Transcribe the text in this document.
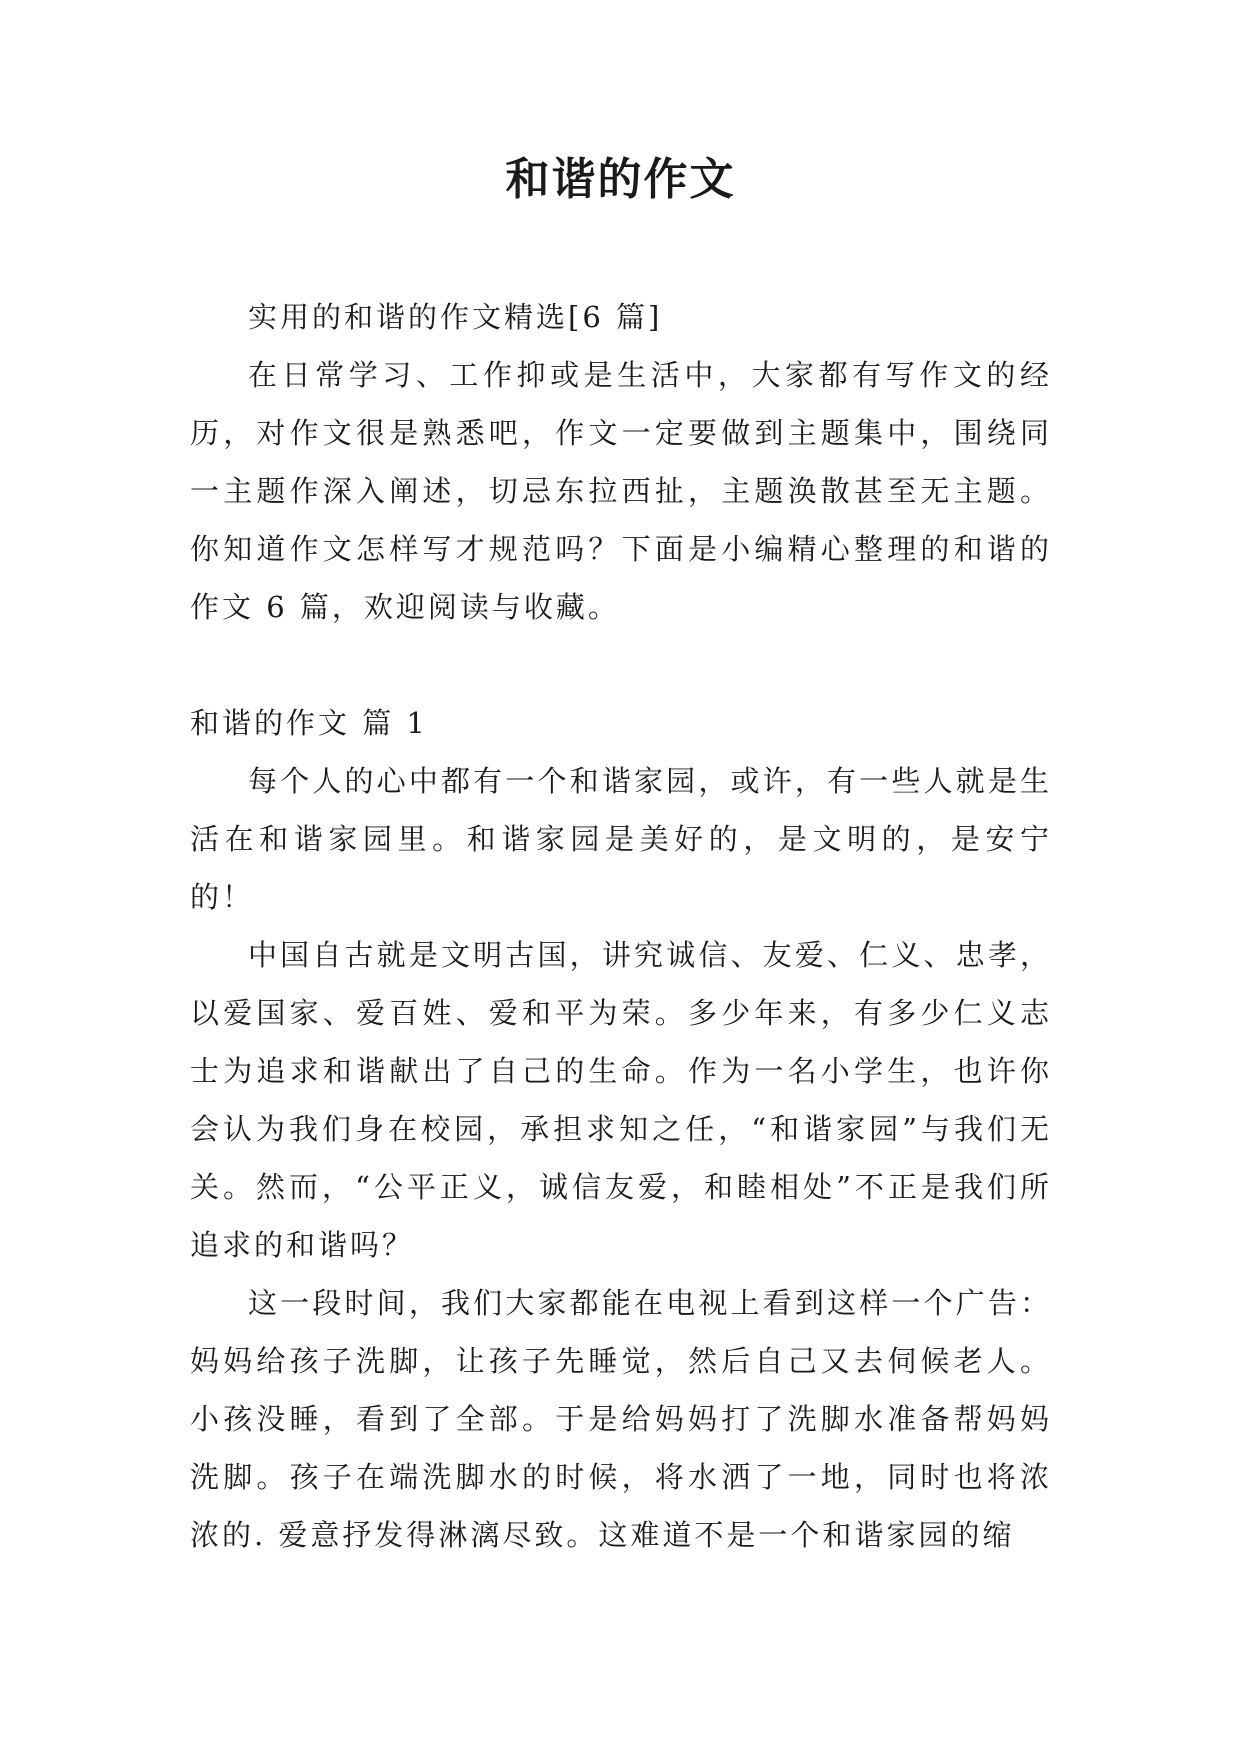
和谐的作文

实用的和谐的作文精选[6 篇]

在日常学习、工作抑或是生活中，大家都有写作文的经历，对作文很是熟悉吧，作文一定要做到主题集中，围绕同一主题作深入阐述，切忌东拉西扯，主题涣散甚至无主题。你知道作文怎样写才规范吗？下面是小编精心整理的和谐的作文 6 篇，欢迎阅读与收藏。

和谐的作文 篇 1

每个人的心中都有一个和谐家园，或许，有一些人就是生活在和谐家园里。和谐家园是美好的，是文明的，是安宁的！

中国自古就是文明古国，讲究诚信、友爱、仁义、忠孝，以爱国家、爱百姓、爱和平为荣。多少年来，有多少仁义志士为追求和谐献出了自己的生命。作为一名小学生，也许你会认为我们身在校园，承担求知之任，“和谐家园”与我们无关。然而，“公平正义，诚信友爱，和睦相处”不正是我们所追求的和谐吗？

这一段时间，我们大家都能在电视上看到这样一个广告：妈妈给孩子洗脚，让孩子先睡觉，然后自己又去伺候老人。小孩没睡，看到了全部。于是给妈妈打了洗脚水准备帮妈妈洗脚。孩子在端洗脚水的时候，将水洒了一地，同时也将浓浓的. 爱意抒发得淋漓尽致。这难道不是一个和谐家园的缩
